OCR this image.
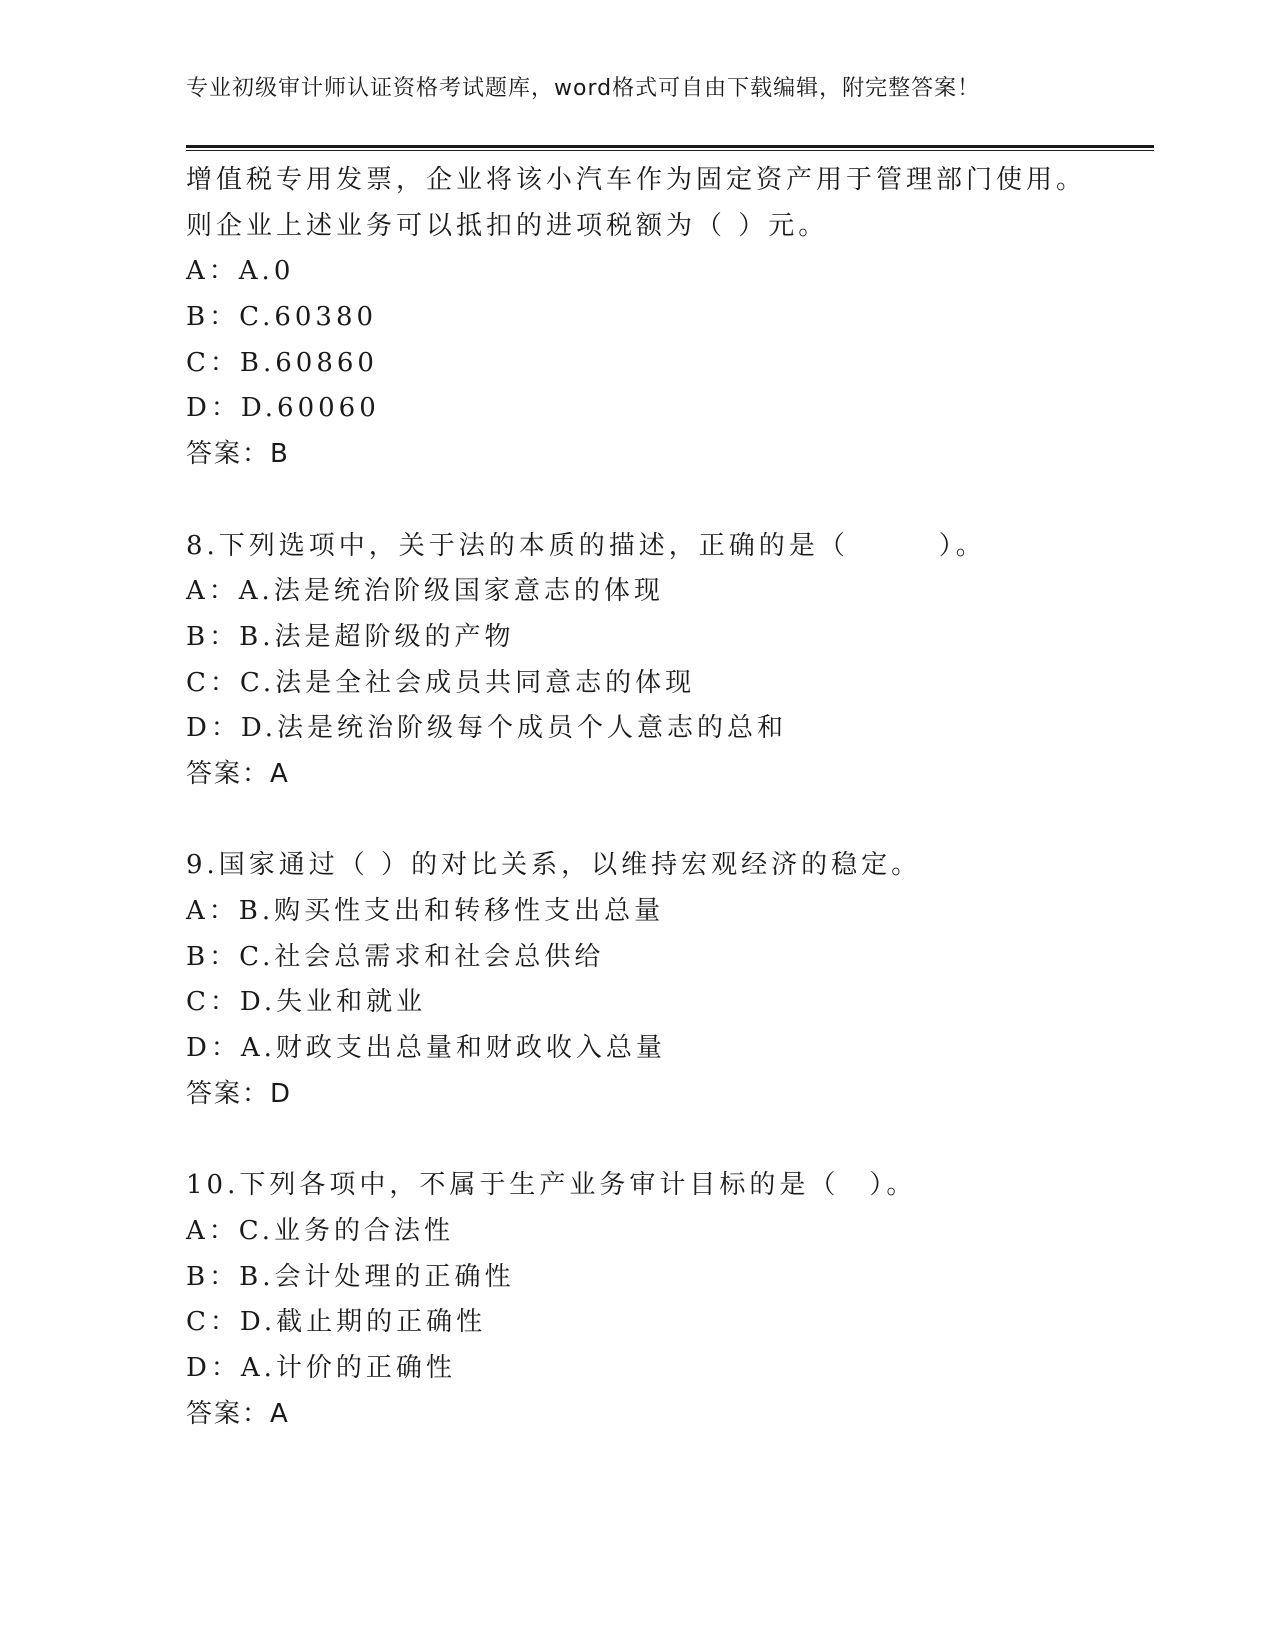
专业初级审计师认证资格考试题库，word格式可自由下载编辑，附完整答案！
增值税专用发票，企业将该小汽车作为固定资产用于管理部门使用。
则企业上述业务可以抵扣的进项税额为（ ）元。
A：A.0
B：C.60380
C：B.60860
D：D.60060
答案：B
8.下列选项中，关于法的本质的描述，正确的是（　　　）。
A：A.法是统治阶级国家意志的体现
B：B.法是超阶级的产物
C：C.法是全社会成员共同意志的体现
D：D.法是统治阶级每个成员个人意志的总和
答案：A
9.国家通过（ ）的对比关系，以维持宏观经济的稳定。
A：B.购买性支出和转移性支出总量
B：C.社会总需求和社会总供给
C：D.失业和就业
D：A.财政支出总量和财政收入总量
答案：D
10.下列各项中，不属于生产业务审计目标的是（　）。
A：C.业务的合法性
B：B.会计处理的正确性
C：D.截止期的正确性
D：A.计价的正确性
答案：A
